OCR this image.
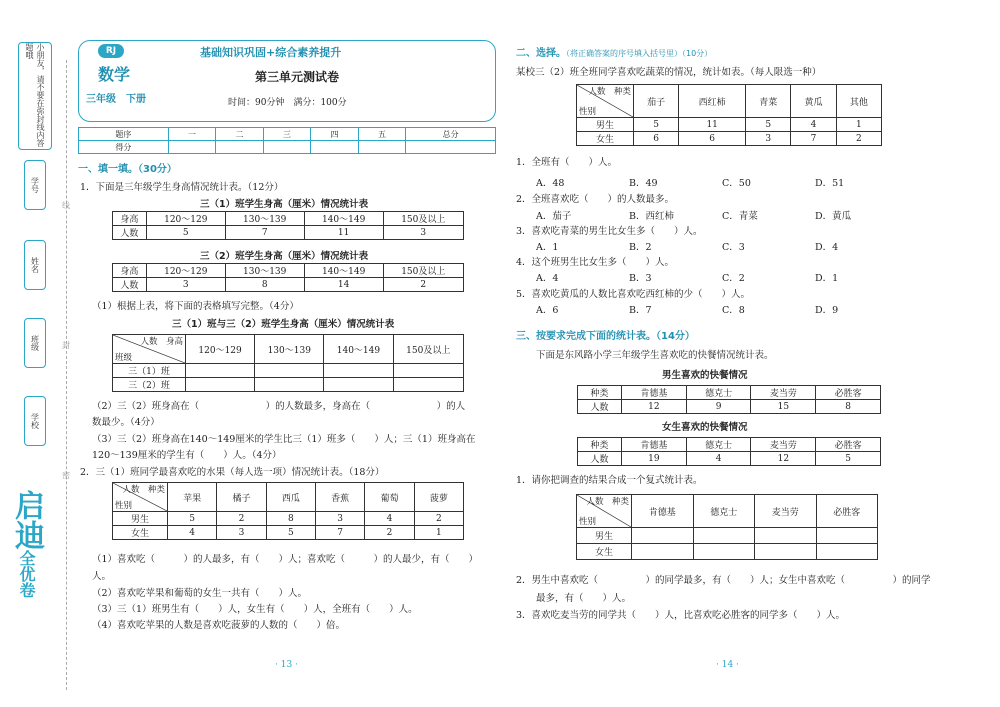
小朋友，请不要在弥封线内答题哦
学号
姓名
班级
学校
启迪全优卷
线
封
密
RJ
数学
三年级　下册
基础知识巩固+综合素养提升
第三单元测试卷
时间：90分钟　满分：100分
题序	一	二	三	四	五	总分
得分						
一、填一填。（30分）
1．下面是三年级学生身高情况统计表。（12分）
三（1）班学生身高（厘米）情况统计表
身高	120～129	130～139	140～149	150及以上
人数	5	7	11	3
三（2）班学生身高（厘米）情况统计表
身高	120～129	130～139	140～149	150及以上
人数	3	8	14	2
（1）根据上表，将下面的表格填写完整。（4分）
三（1）班与三（2）班学生身高（厘米）情况统计表
人数　身高
班级	120～129	130～139	140～149	150及以上
三（1）班				
三（2）班				
（2）三（2）班身高在（　　　　　　　）的人数最多，身高在（　　　　　　　）的人
数最少。（4分）
（3）三（2）班身高在140～149厘米的学生比三（1）班多（　　）人；三（1）班身高在
120～139厘米的学生有（　　）人。（4分）
2．三（1）班同学最喜欢吃的水果（每人选一项）情况统计表。（18分）
人数　种类
性别	苹果	橘子	西瓜	香蕉	葡萄	菠萝
男生	5	2	8	3	4	2
女生	4	3	5	7	2	1
（1）喜欢吃（　　　）的人最多，有（　　）人；喜欢吃（　　　）的人最少，有（　　）
人。
（2）喜欢吃苹果和葡萄的女生一共有（　　）人。
（3）三（1）班男生有（　　）人，女生有（　　）人，全班有（　　）人。
（4）喜欢吃苹果的人数是喜欢吃菠萝的人数的（　　）倍。
· 13 ·
二、选择。（将正确答案的序号填入括号里）（10分）
某校三（2）班全班同学喜欢吃蔬菜的情况，统计如表。（每人限选一种）
人数　种类
性别	茄子	西红柿	青菜	黄瓜	其他
男生	5	11	5	4	1
女生	6	6	3	7	2
1．全班有（　　）人。
A．48	B．49	C．50	D．51
2．全班喜欢吃（　　）的人数最多。
A．茄子	B．西红柿	C．青菜	D．黄瓜
3．喜欢吃青菜的男生比女生多（　　）人。
A．1	B．2	C．3	D．4
4．这个班男生比女生多（　　）人。
A．4	B．3	C．2	D．1
5．喜欢吃黄瓜的人数比喜欢吃西红柿的少（　　）人。
A．6	B．7	C．8	D．9
三、按要求完成下面的统计表。（14分）
下面是东风路小学三年级学生喜欢吃的快餐情况统计表。
男生喜欢的快餐情况
种类	肯德基	德克士	麦当劳	必胜客
人数	12	9	15	8
女生喜欢的快餐情况
种类	肯德基	德克士	麦当劳	必胜客
人数	19	4	12	5
1．请你把调查的结果合成一个复式统计表。
人数　种类
性别	肯德基	德克士	麦当劳	必胜客
男生				
女生				
2．男生中喜欢吃（　　　　　）的同学最多，有（　　）人；女生中喜欢吃（　　　　　）的同学
最多，有（　　）人。
3．喜欢吃麦当劳的同学共（　　）人，比喜欢吃必胜客的同学多（　　）人。
· 14 ·
